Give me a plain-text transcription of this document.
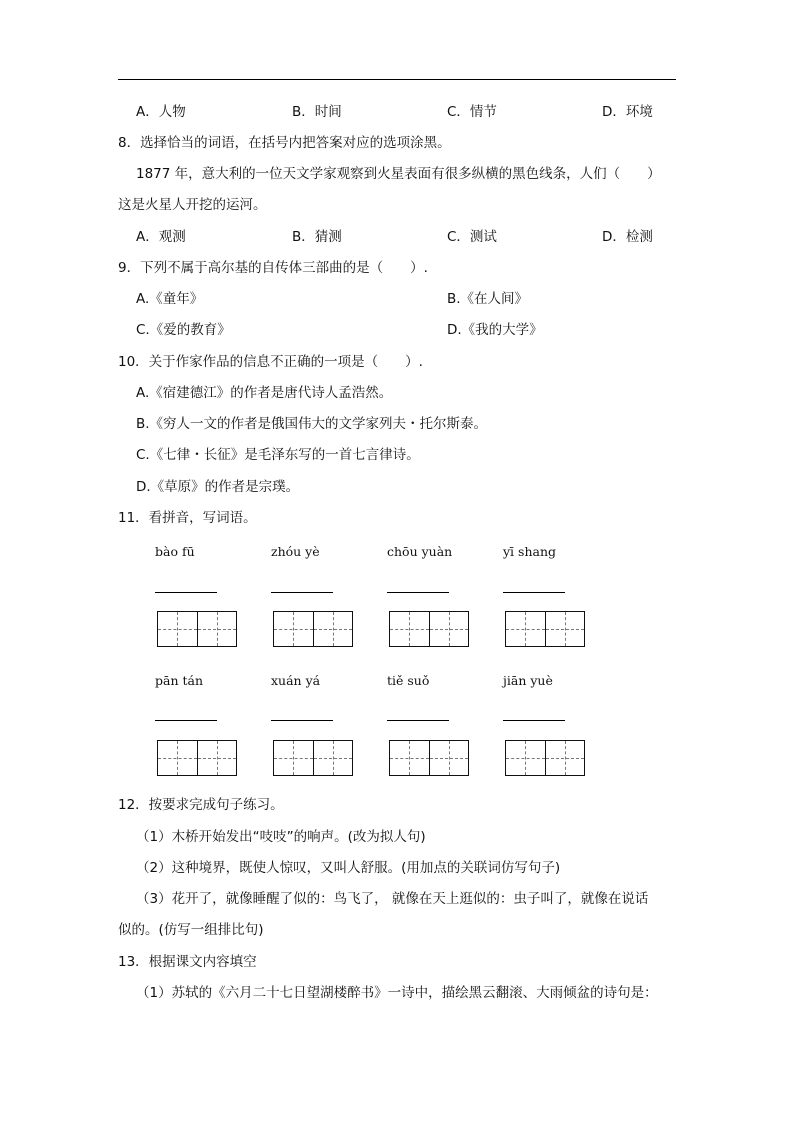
A．人物	B．时间	C．情节	D．环境
8．选择恰当的词语，在括号内把答案对应的选项涂黑。
1877 年，意大利的一位天文学家观察到火星表面有很多纵横的黑色线条，人们（　　）
这是火星人开挖的运河。
A．观测	B．猜测	C．测试	D．检测
9．下列不属于高尔基的自传体三部曲的是（　　）.
A.《童年》	B.《在人间》
C.《爱的教育》	D.《我的大学》
10．关于作家作品的信息不正确的一项是（　　）.
A.《宿建德江》的作者是唐代诗人孟浩然。
B.《穷人一文的作者是俄国伟大的文学家列夫・托尔斯泰。
C.《七律・长征》是毛泽东写的一首七言律诗。
D.《草原》的作者是宗璞。
11．看拼音，写词语。
bào fū	zhóu yè	chōu yuàn	yī shang
pān tán	xuán yá	tiě suǒ	jiān yuè
12．按要求完成句子练习。
（1）木桥开始发出“吱吱”的响声。(改为拟人句)
（2）这种境界，既使人惊叹，又叫人舒服。(用加点的关联词仿写句子)
（3）花开了，就像睡醒了似的：鸟飞了， 就像在天上逛似的：虫子叫了，就像在说话
似的。(仿写一组排比句)
13．根据课文内容填空
（1）苏轼的《六月二十七日望湖楼醉书》一诗中，描绘黑云翻滚、大雨倾盆的诗句是：
